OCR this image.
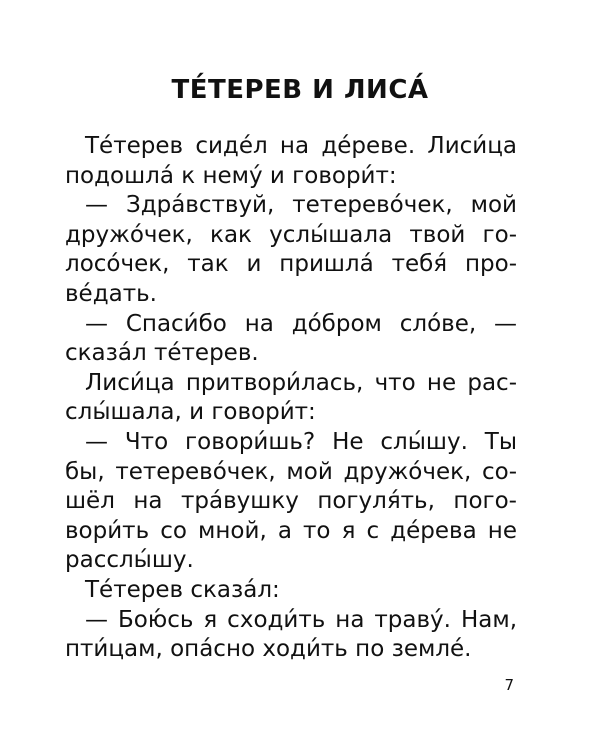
ТЕ́ТЕРЕВ И ЛИСА́
Те́терев сиде́л на де́реве. Лиси́ца
подошла́ к нему́ и говори́т:
— Здра́вствуй, тетерево́чек, мой
дружо́чек, как услы́шала твой го-
лосо́чек, так и пришла́ тебя́ про-
ве́дать.
— Спаси́бо на до́бром сло́ве, —
сказа́л те́терев.
Лиси́ца притвори́лась, что не рас-
слы́шала, и говори́т:
— Что говори́шь? Не слы́шу. Ты
бы, тетерево́чек, мой дружо́чек, со-
шёл на тра́вушку погуля́ть, пого-
вори́ть со мной, а то я с де́рева не
расслы́шу.
Те́терев сказа́л:
— Бою́сь я сходи́ть на траву́. Нам,
пти́цам, опа́сно ходи́ть по земле́.
7
